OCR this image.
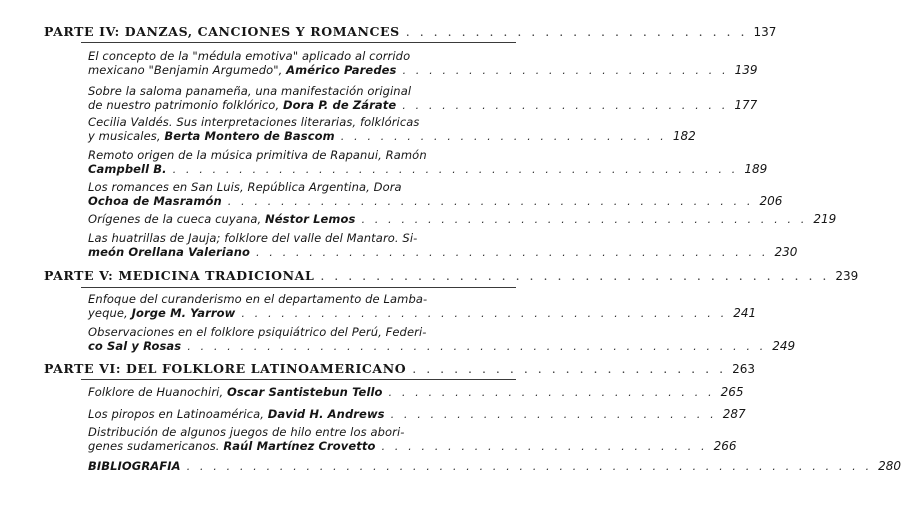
PARTE IV: DANZAS, CANCIONES Y ROMANCES . . . . . . . . . . . . . . . . . . . . . . . . . 137
El concepto de la "médula emotiva" aplicado al corrido
mexicano "Benjamin Argumedo",
Américo Paredes . . . . . . . . . . . . . . . . . . . . . . . . . 139
Sobre la saloma panameña, una manifestación original
de nuestro patrimonio folklórico,
Dora P. de Zárate . . . . . . . . . . . . . . . . . . . . . . . . . 177
Cecilia Valdés. Sus interpretaciones literarias, folklóricas
y musicales,
Berta Montero de Bascom . . . . . . . . . . . . . . . . . . . . . . . . . 182
Remoto origen de la música primitiva de Rapanui, Ramón
Campbell B. . . . . . . . . . . . . . . . . . . . . . . . . . . . . . . . . . . . . . . . . . . . 189
Los romances en San Luis, República Argentina, Dora
Ochoa de Masramón . . . . . . . . . . . . . . . . . . . . . . . . . . . . . . . . . . . . . . . . 206
Orígenes de la cueca cuyana,
Néstor Lemos . . . . . . . . . . . . . . . . . . . . . . . . . . . . . . . . . . 219
Las huatrillas de Jauja; folklore del valle del Mantaro. Si-
meón Orellana Valeriano . . . . . . . . . . . . . . . . . . . . . . . . . . . . . . . . . . . . . . . 230
PARTE V: MEDICINA TRADICIONAL . . . . . . . . . . . . . . . . . . . . . . . . . . . . . . . . . . . . . 239
Enfoque del curanderismo en el departamento de Lamba-
yeque,
Jorge M. Yarrow . . . . . . . . . . . . . . . . . . . . . . . . . . . . . . . . . . . . . 241
Observaciones en el folklore psiquiátrico del Perú, Federi-
co Sal y Rosas . . . . . . . . . . . . . . . . . . . . . . . . . . . . . . . . . . . . . . . . . . . . 249
PARTE VI: DEL FOLKLORE LATINOAMERICANO . . . . . . . . . . . . . . . . . . . . . . . 263
Folklore de Huanochiri,
Oscar Santistebun Tello . . . . . . . . . . . . . . . . . . . . . . . . . 265
Los piropos en Latinoamérica,
David H. Andrews . . . . . . . . . . . . . . . . . . . . . . . . . 287
Distribución de algunos juegos de hilo entre los abori-
genes sudamericanos.
Raúl Martínez Crovetto . . . . . . . . . . . . . . . . . . . . . . . . . 266
BIBLIOGRAFIA . . . . . . . . . . . . . . . . . . . . . . . . . . . . . . . . . . . . . . . . . . . . . . . . . . . . 280
